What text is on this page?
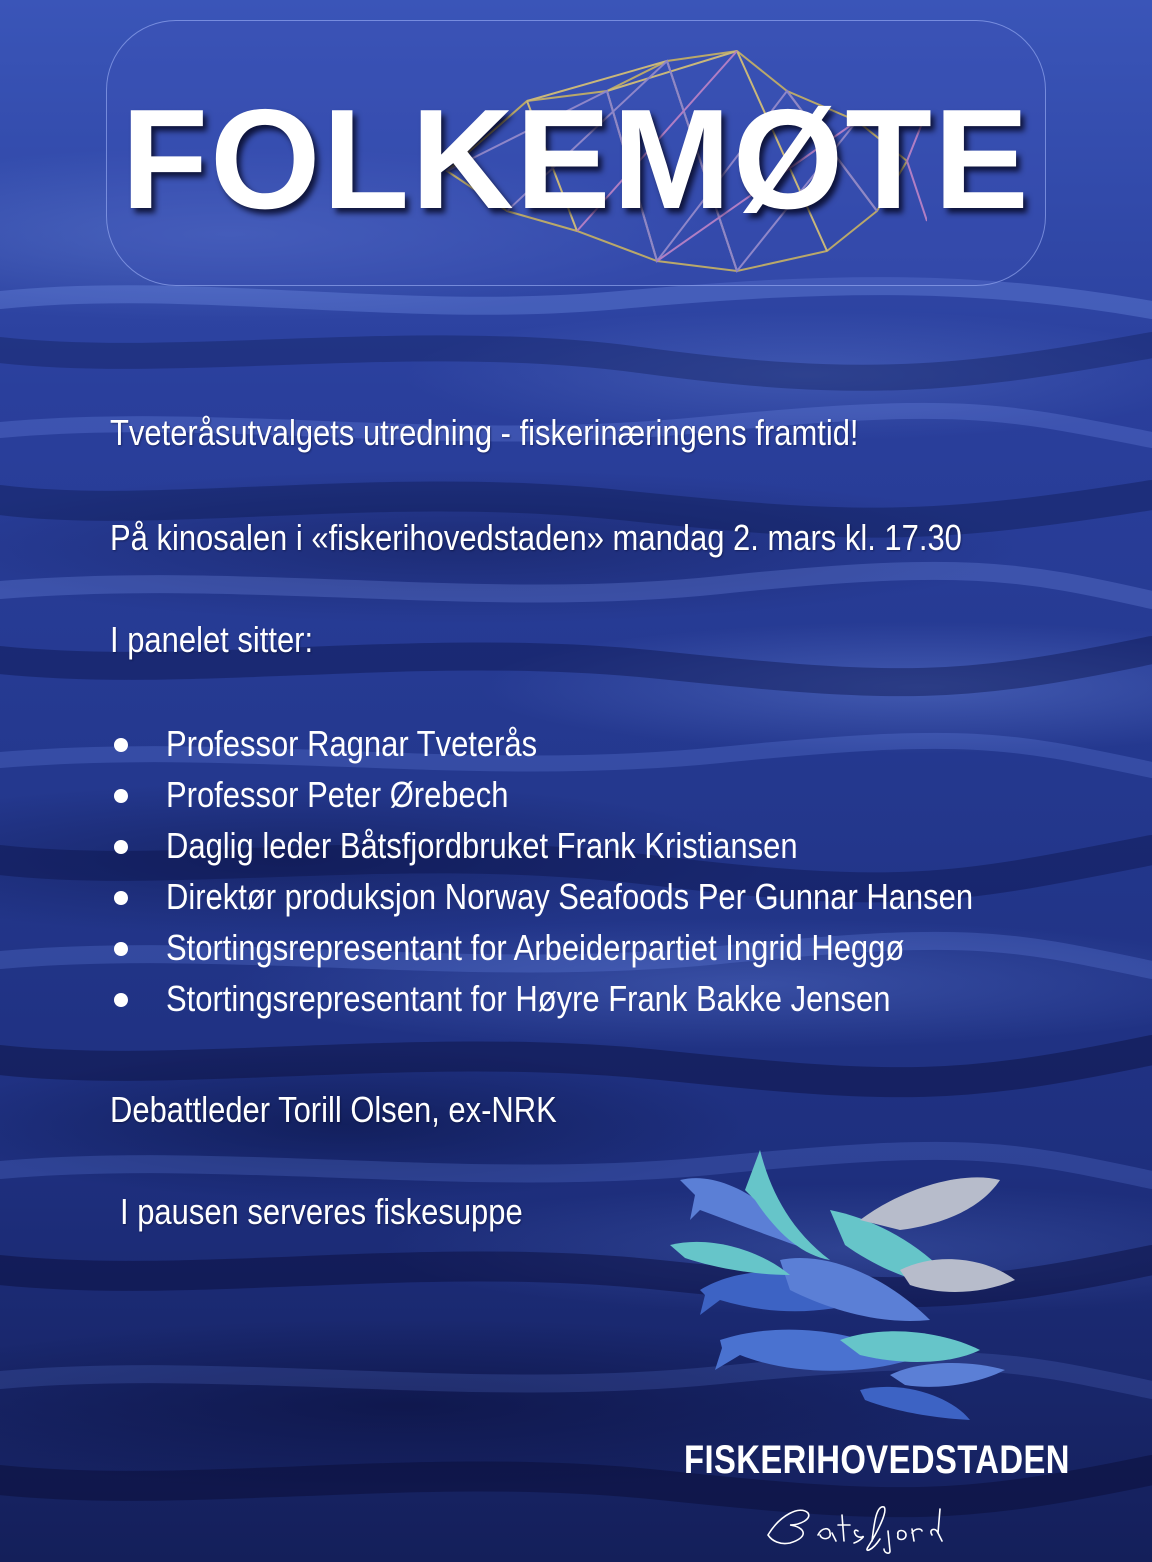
FOLKEMØTE
Tveteråsutvalgets utredning - fiskerinæringens framtid!
På kinosalen i «fiskerihovedstaden» mandag 2. mars kl. 17.30
I panelet sitter:
Professor Ragnar Tveterås
Professor Peter Ørebech
Daglig leder Båtsfjordbruket Frank Kristiansen
Direktør produksjon Norway Seafoods Per Gunnar Hansen
Stortingsrepresentant for Arbeiderpartiet Ingrid Heggø
Stortingsrepresentant for Høyre Frank Bakke Jensen
Debattleder Torill Olsen, ex-NRK
I pausen serveres fiskesuppe
FISKERIHOVEDSTADEN
